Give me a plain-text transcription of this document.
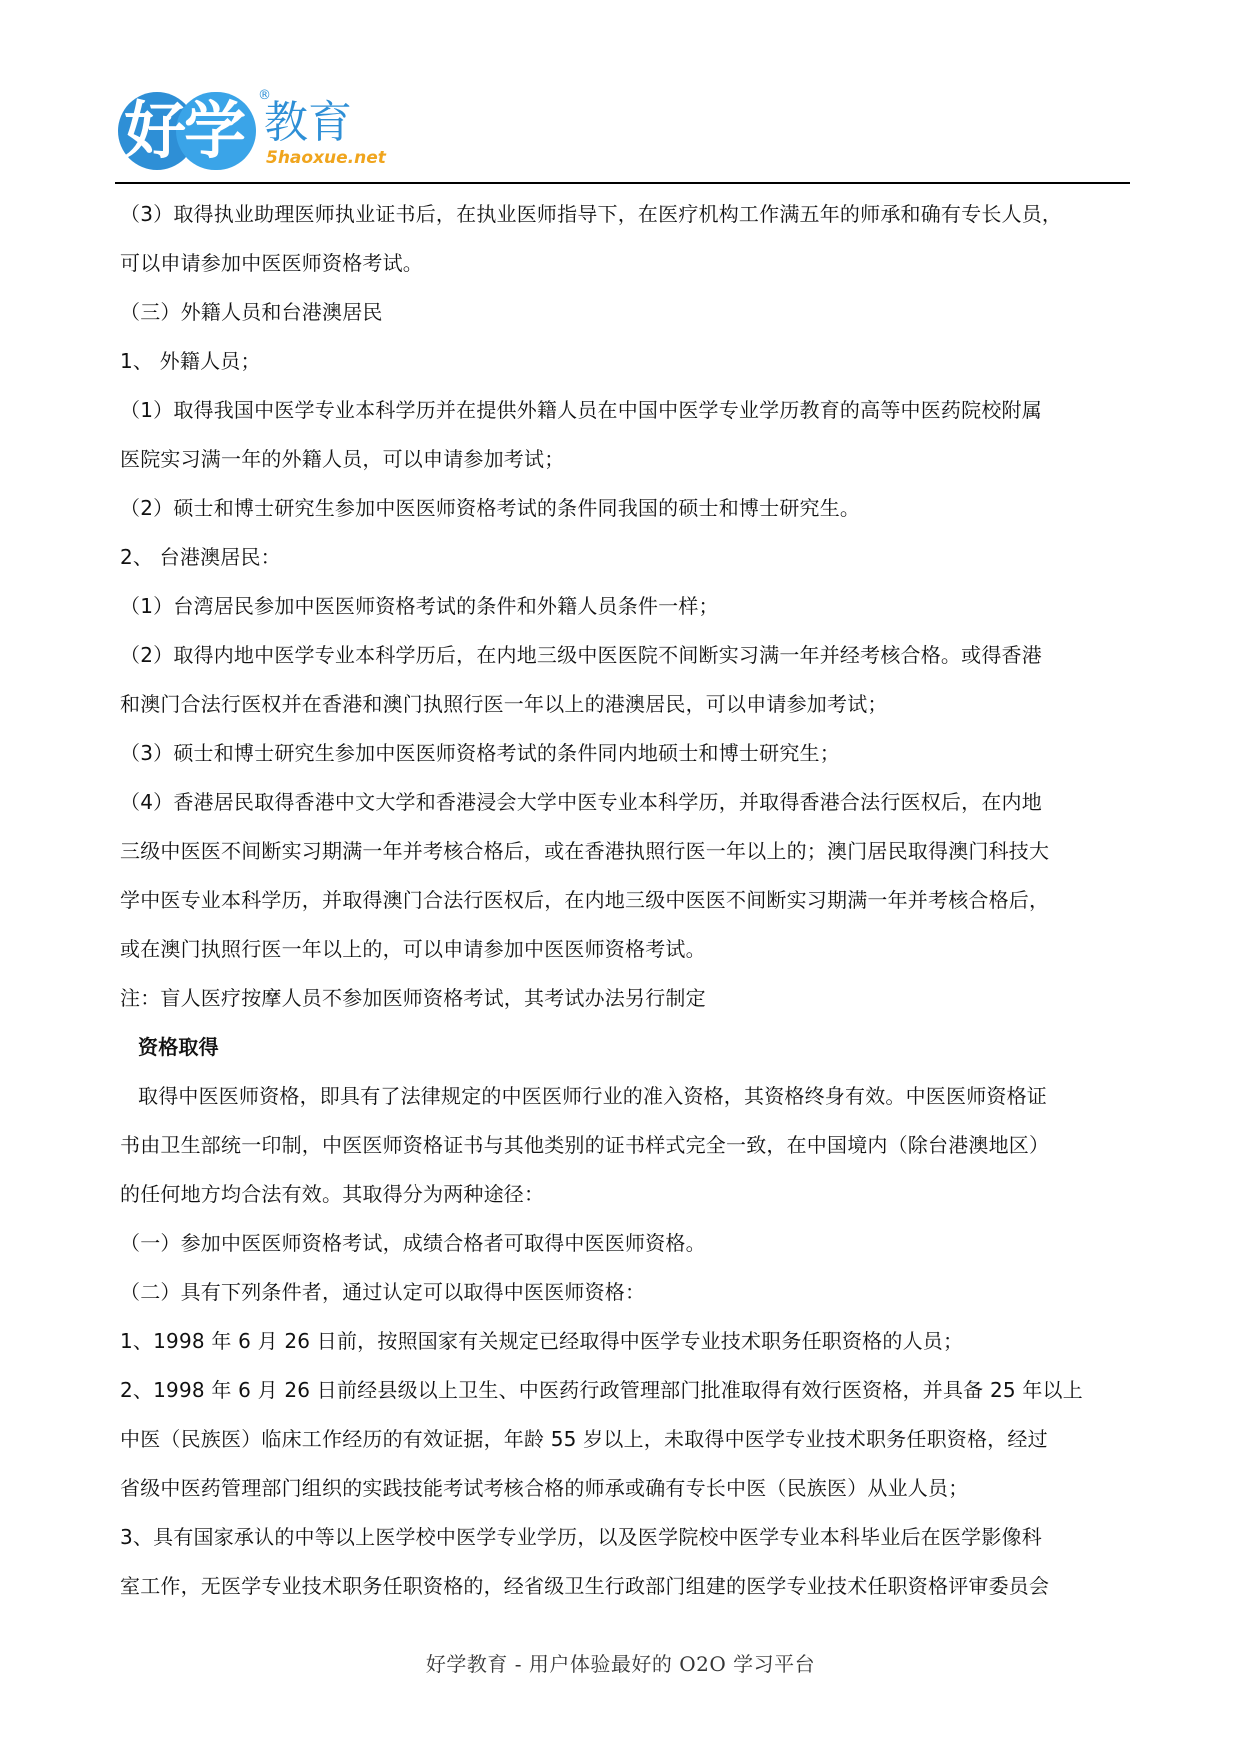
好
学 ®
教育
5haoxue.net
（3）取得执业助理医师执业证书后，在执业医师指导下，在医疗机构工作满五年的师承和确有专长人员，
可以申请参加中医医师资格考试。
（三）外籍人员和台港澳居民
1、 外籍人员；
（1）取得我国中医学专业本科学历并在提供外籍人员在中国中医学专业学历教育的高等中医药院校附属
医院实习满一年的外籍人员，可以申请参加考试；
（2）硕士和博士研究生参加中医医师资格考试的条件同我国的硕士和博士研究生。
2、 台港澳居民：
（1）台湾居民参加中医医师资格考试的条件和外籍人员条件一样；
（2）取得内地中医学专业本科学历后，在内地三级中医医院不间断实习满一年并经考核合格。或得香港
和澳门合法行医权并在香港和澳门执照行医一年以上的港澳居民，可以申请参加考试；
（3）硕士和博士研究生参加中医医师资格考试的条件同内地硕士和博士研究生；
（4）香港居民取得香港中文大学和香港浸会大学中医专业本科学历，并取得香港合法行医权后，在内地
三级中医医不间断实习期满一年并考核合格后，或在香港执照行医一年以上的；澳门居民取得澳门科技大
学中医专业本科学历，并取得澳门合法行医权后，在内地三级中医医不间断实习期满一年并考核合格后，
或在澳门执照行医一年以上的，可以申请参加中医医师资格考试。
注：盲人医疗按摩人员不参加医师资格考试，其考试办法另行制定
资格取得
取得中医医师资格，即具有了法律规定的中医医师行业的准入资格，其资格终身有效。中医医师资格证
书由卫生部统一印制，中医医师资格证书与其他类别的证书样式完全一致，在中国境内（除台港澳地区）
的任何地方均合法有效。其取得分为两种途径：
（一）参加中医医师资格考试，成绩合格者可取得中医医师资格。
（二）具有下列条件者，通过认定可以取得中医医师资格：
1、1998 年 6 月 26 日前，按照国家有关规定已经取得中医学专业技术职务任职资格的人员；
2、1998 年 6 月 26 日前经县级以上卫生、中医药行政管理部门批准取得有效行医资格，并具备 25 年以上
中医（民族医）临床工作经历的有效证据，年龄 55 岁以上，未取得中医学专业技术职务任职资格，经过
省级中医药管理部门组织的实践技能考试考核合格的师承或确有专长中医（民族医）从业人员；
3、具有国家承认的中等以上医学校中医学专业学历，以及医学院校中医学专业本科毕业后在医学影像科
室工作，无医学专业技术职务任职资格的，经省级卫生行政部门组建的医学专业技术任职资格评审委员会
好学教育 - 用户体验最好的 O2O 学习平台
